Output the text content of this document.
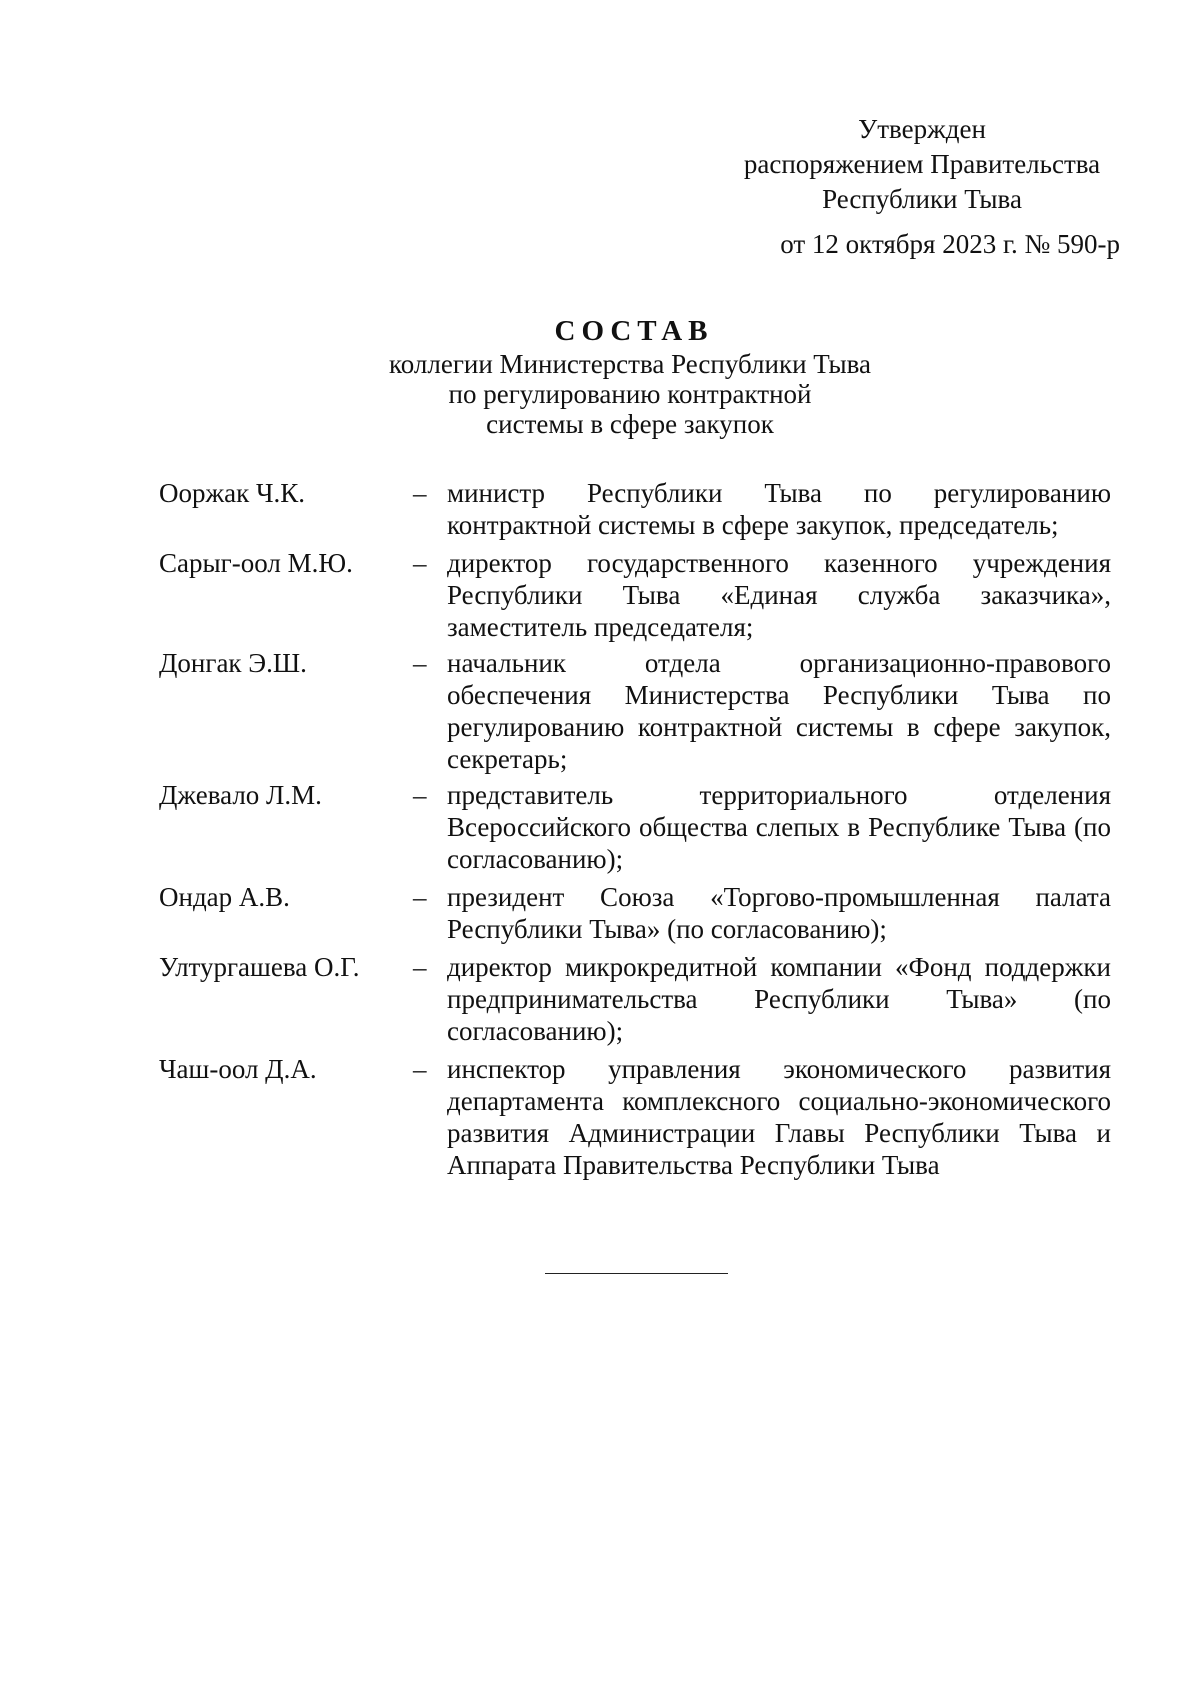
Утвержден
распоряжением Правительства
Республики Тыва
от 12 октября 2023 г. № 590-р
СОСТАВ
коллегии Министерства Республики Тыва
по регулированию контрактной
системы в сфере закупок
Ооржак Ч.К.	– министр Республики Тыва по регулированию контрактной системы в сфере закупок, председатель;
Сарыг-оол М.Ю.	– директор государственного казенного учреждения Республики Тыва «Единая служба заказчика», заместитель председателя;
Донгак Э.Ш.	– начальник отдела организационно-правового обеспечения Министерства Республики Тыва по регулированию контрактной системы в сфере закупок, секретарь;
Джевало Л.М.	– представитель территориального отделения Всероссийского общества слепых в Республике Тыва (по согласованию);
Ондар А.В.	– президент Союза «Торгово-промышленная палата Республики Тыва» (по согласованию);
Ултургашева О.Г.	– директор микрокредитной компании «Фонд поддержки предпринимательства Республики Тыва» (по согласованию);
Чаш-оол Д.А.	– инспектор управления экономического развития департамента комплексного социально-экономического развития Администрации Главы Республики Тыва и Аппарата Правительства Республики Тыва
